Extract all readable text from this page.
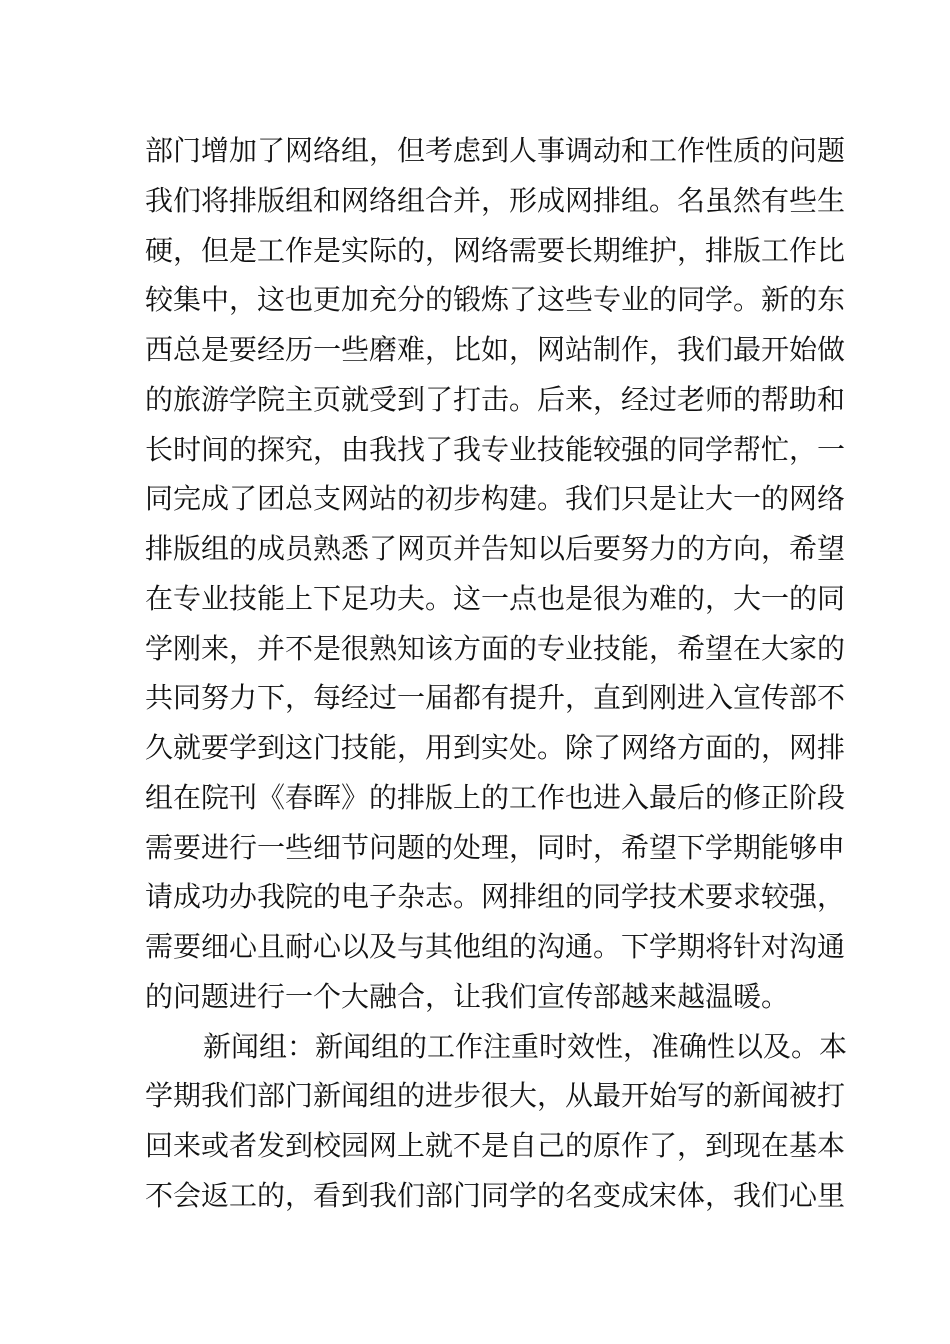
部门增加了网络组，但考虑到人事调动和工作性质的问题
我们将排版组和网络组合并，形成网排组。名虽然有些生
硬，但是工作是实际的，网络需要长期维护，排版工作比
较集中，这也更加充分的锻炼了这些专业的同学。新的东
西总是要经历一些磨难，比如，网站制作，我们最开始做
的旅游学院主页就受到了打击。后来，经过老师的帮助和
长时间的探究，由我找了我专业技能较强的同学帮忙，一
同完成了团总支网站的初步构建。我们只是让大一的网络
排版组的成员熟悉了网页并告知以后要努力的方向，希望
在专业技能上下足功夫。这一点也是很为难的，大一的同
学刚来，并不是很熟知该方面的专业技能，希望在大家的
共同努力下，每经过一届都有提升，直到刚进入宣传部不
久就要学到这门技能，用到实处。除了网络方面的，网排
组在院刊《春晖》的排版上的工作也进入最后的修正阶段
需要进行一些细节问题的处理，同时，希望下学期能够申
请成功办我院的电子杂志。网排组的同学技术要求较强，
需要细心且耐心以及与其他组的沟通。下学期将针对沟通
的问题进行一个大融合，让我们宣传部越来越温暖。
新闻组：新闻组的工作注重时效性，准确性以及。本
学期我们部门新闻组的进步很大，从最开始写的新闻被打
回来或者发到校园网上就不是自己的原作了，到现在基本
不会返工的，看到我们部门同学的名变成宋体，我们心里
